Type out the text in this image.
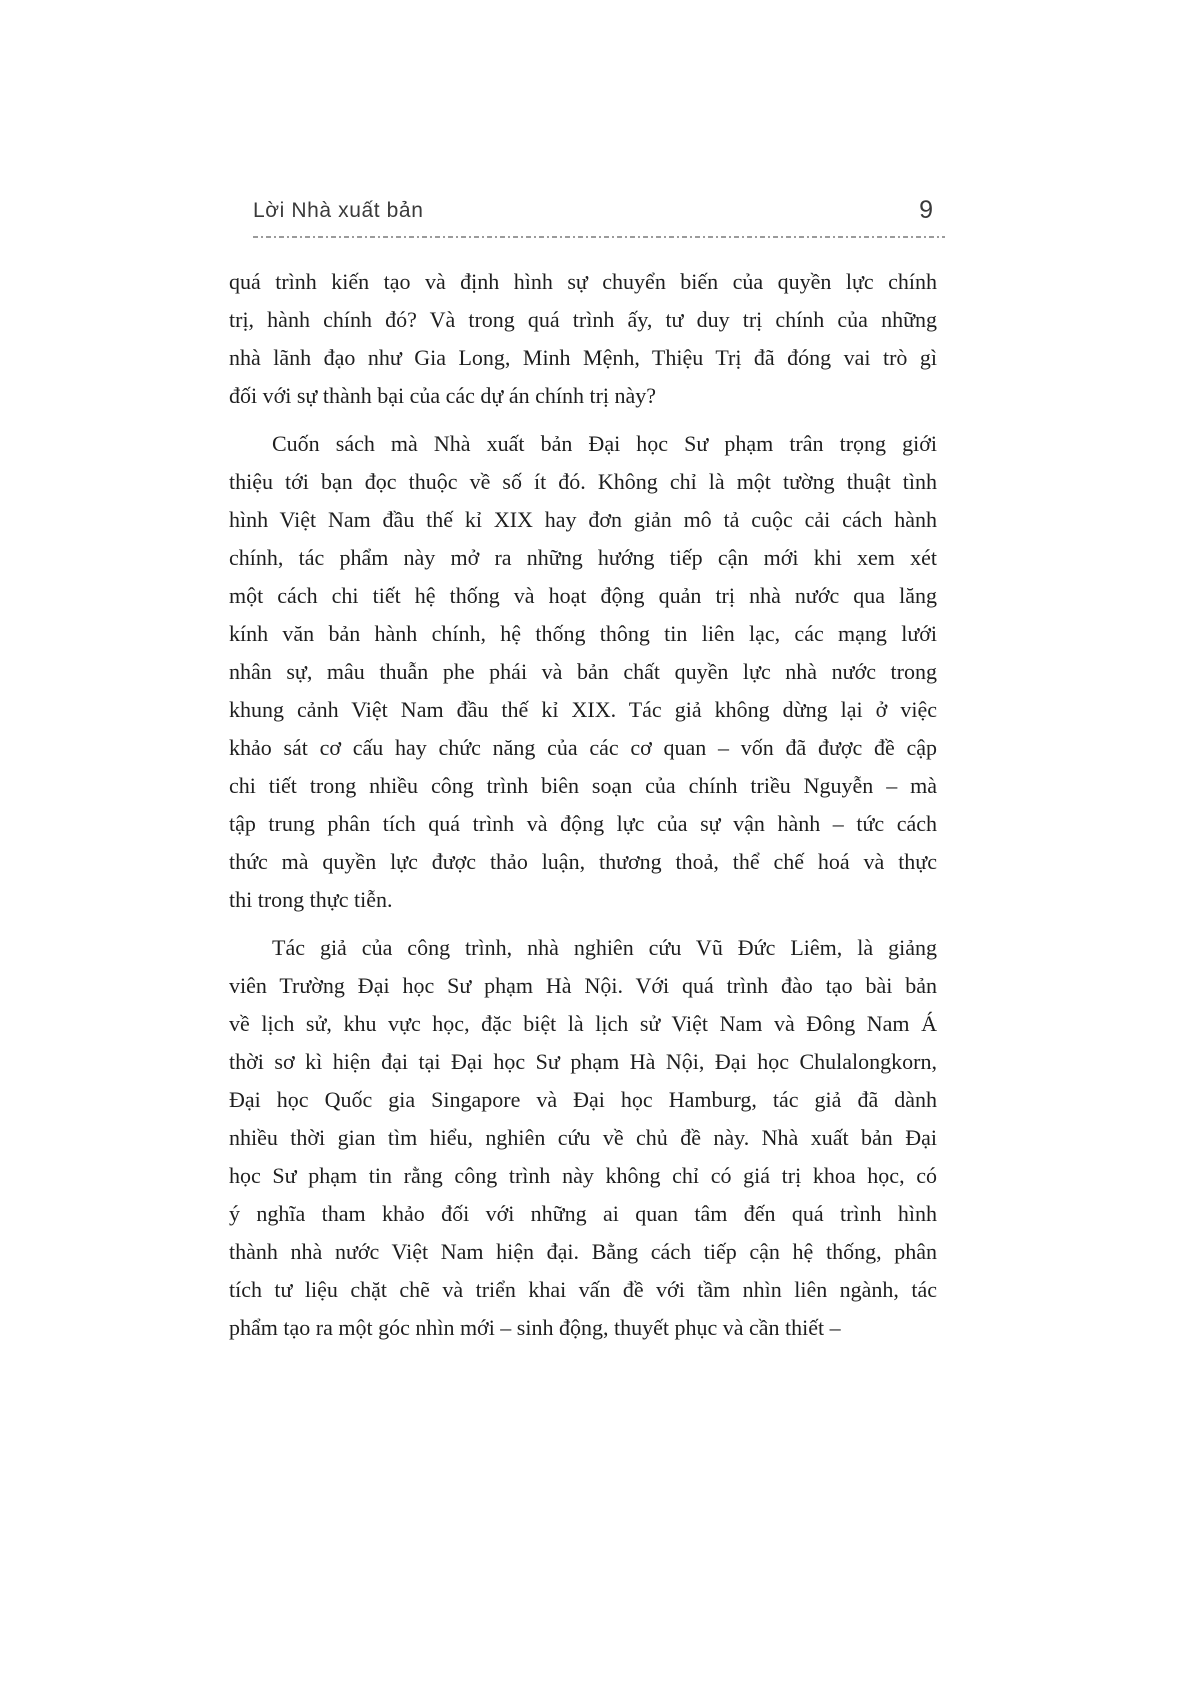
Lời Nhà xuất bản	9

quá trình kiến tạo và định hình sự chuyển biến của quyền lực chính
trị, hành chính đó? Và trong quá trình ấy, tư duy trị chính của những
nhà lãnh đạo như Gia Long, Minh Mệnh, Thiệu Trị đã đóng vai trò gì
đối với sự thành bại của các dự án chính trị này?

Cuốn sách mà Nhà xuất bản Đại học Sư phạm trân trọng giới
thiệu tới bạn đọc thuộc về số ít đó. Không chỉ là một tường thuật tình
hình Việt Nam đầu thế kỉ XIX hay đơn giản mô tả cuộc cải cách hành
chính, tác phẩm này mở ra những hướng tiếp cận mới khi xem xét
một cách chi tiết hệ thống và hoạt động quản trị nhà nước qua lăng
kính văn bản hành chính, hệ thống thông tin liên lạc, các mạng lưới
nhân sự, mâu thuẫn phe phái và bản chất quyền lực nhà nước trong
khung cảnh Việt Nam đầu thế kỉ XIX. Tác giả không dừng lại ở việc
khảo sát cơ cấu hay chức năng của các cơ quan – vốn đã được đề cập
chi tiết trong nhiều công trình biên soạn của chính triều Nguyễn – mà
tập trung phân tích quá trình và động lực của sự vận hành – tức cách
thức mà quyền lực được thảo luận, thương thoả, thể chế hoá và thực
thi trong thực tiễn.

Tác giả của công trình, nhà nghiên cứu Vũ Đức Liêm, là giảng
viên Trường Đại học Sư phạm Hà Nội. Với quá trình đào tạo bài bản
về lịch sử, khu vực học, đặc biệt là lịch sử Việt Nam và Đông Nam Á
thời sơ kì hiện đại tại Đại học Sư phạm Hà Nội, Đại học Chulalongkorn,
Đại học Quốc gia Singapore và Đại học Hamburg, tác giả đã dành
nhiều thời gian tìm hiểu, nghiên cứu về chủ đề này. Nhà xuất bản Đại
học Sư phạm tin rằng công trình này không chỉ có giá trị khoa học, có
ý nghĩa tham khảo đối với những ai quan tâm đến quá trình hình
thành nhà nước Việt Nam hiện đại. Bằng cách tiếp cận hệ thống, phân
tích tư liệu chặt chẽ và triển khai vấn đề với tầm nhìn liên ngành, tác
phẩm tạo ra một góc nhìn mới – sinh động, thuyết phục và cần thiết –
